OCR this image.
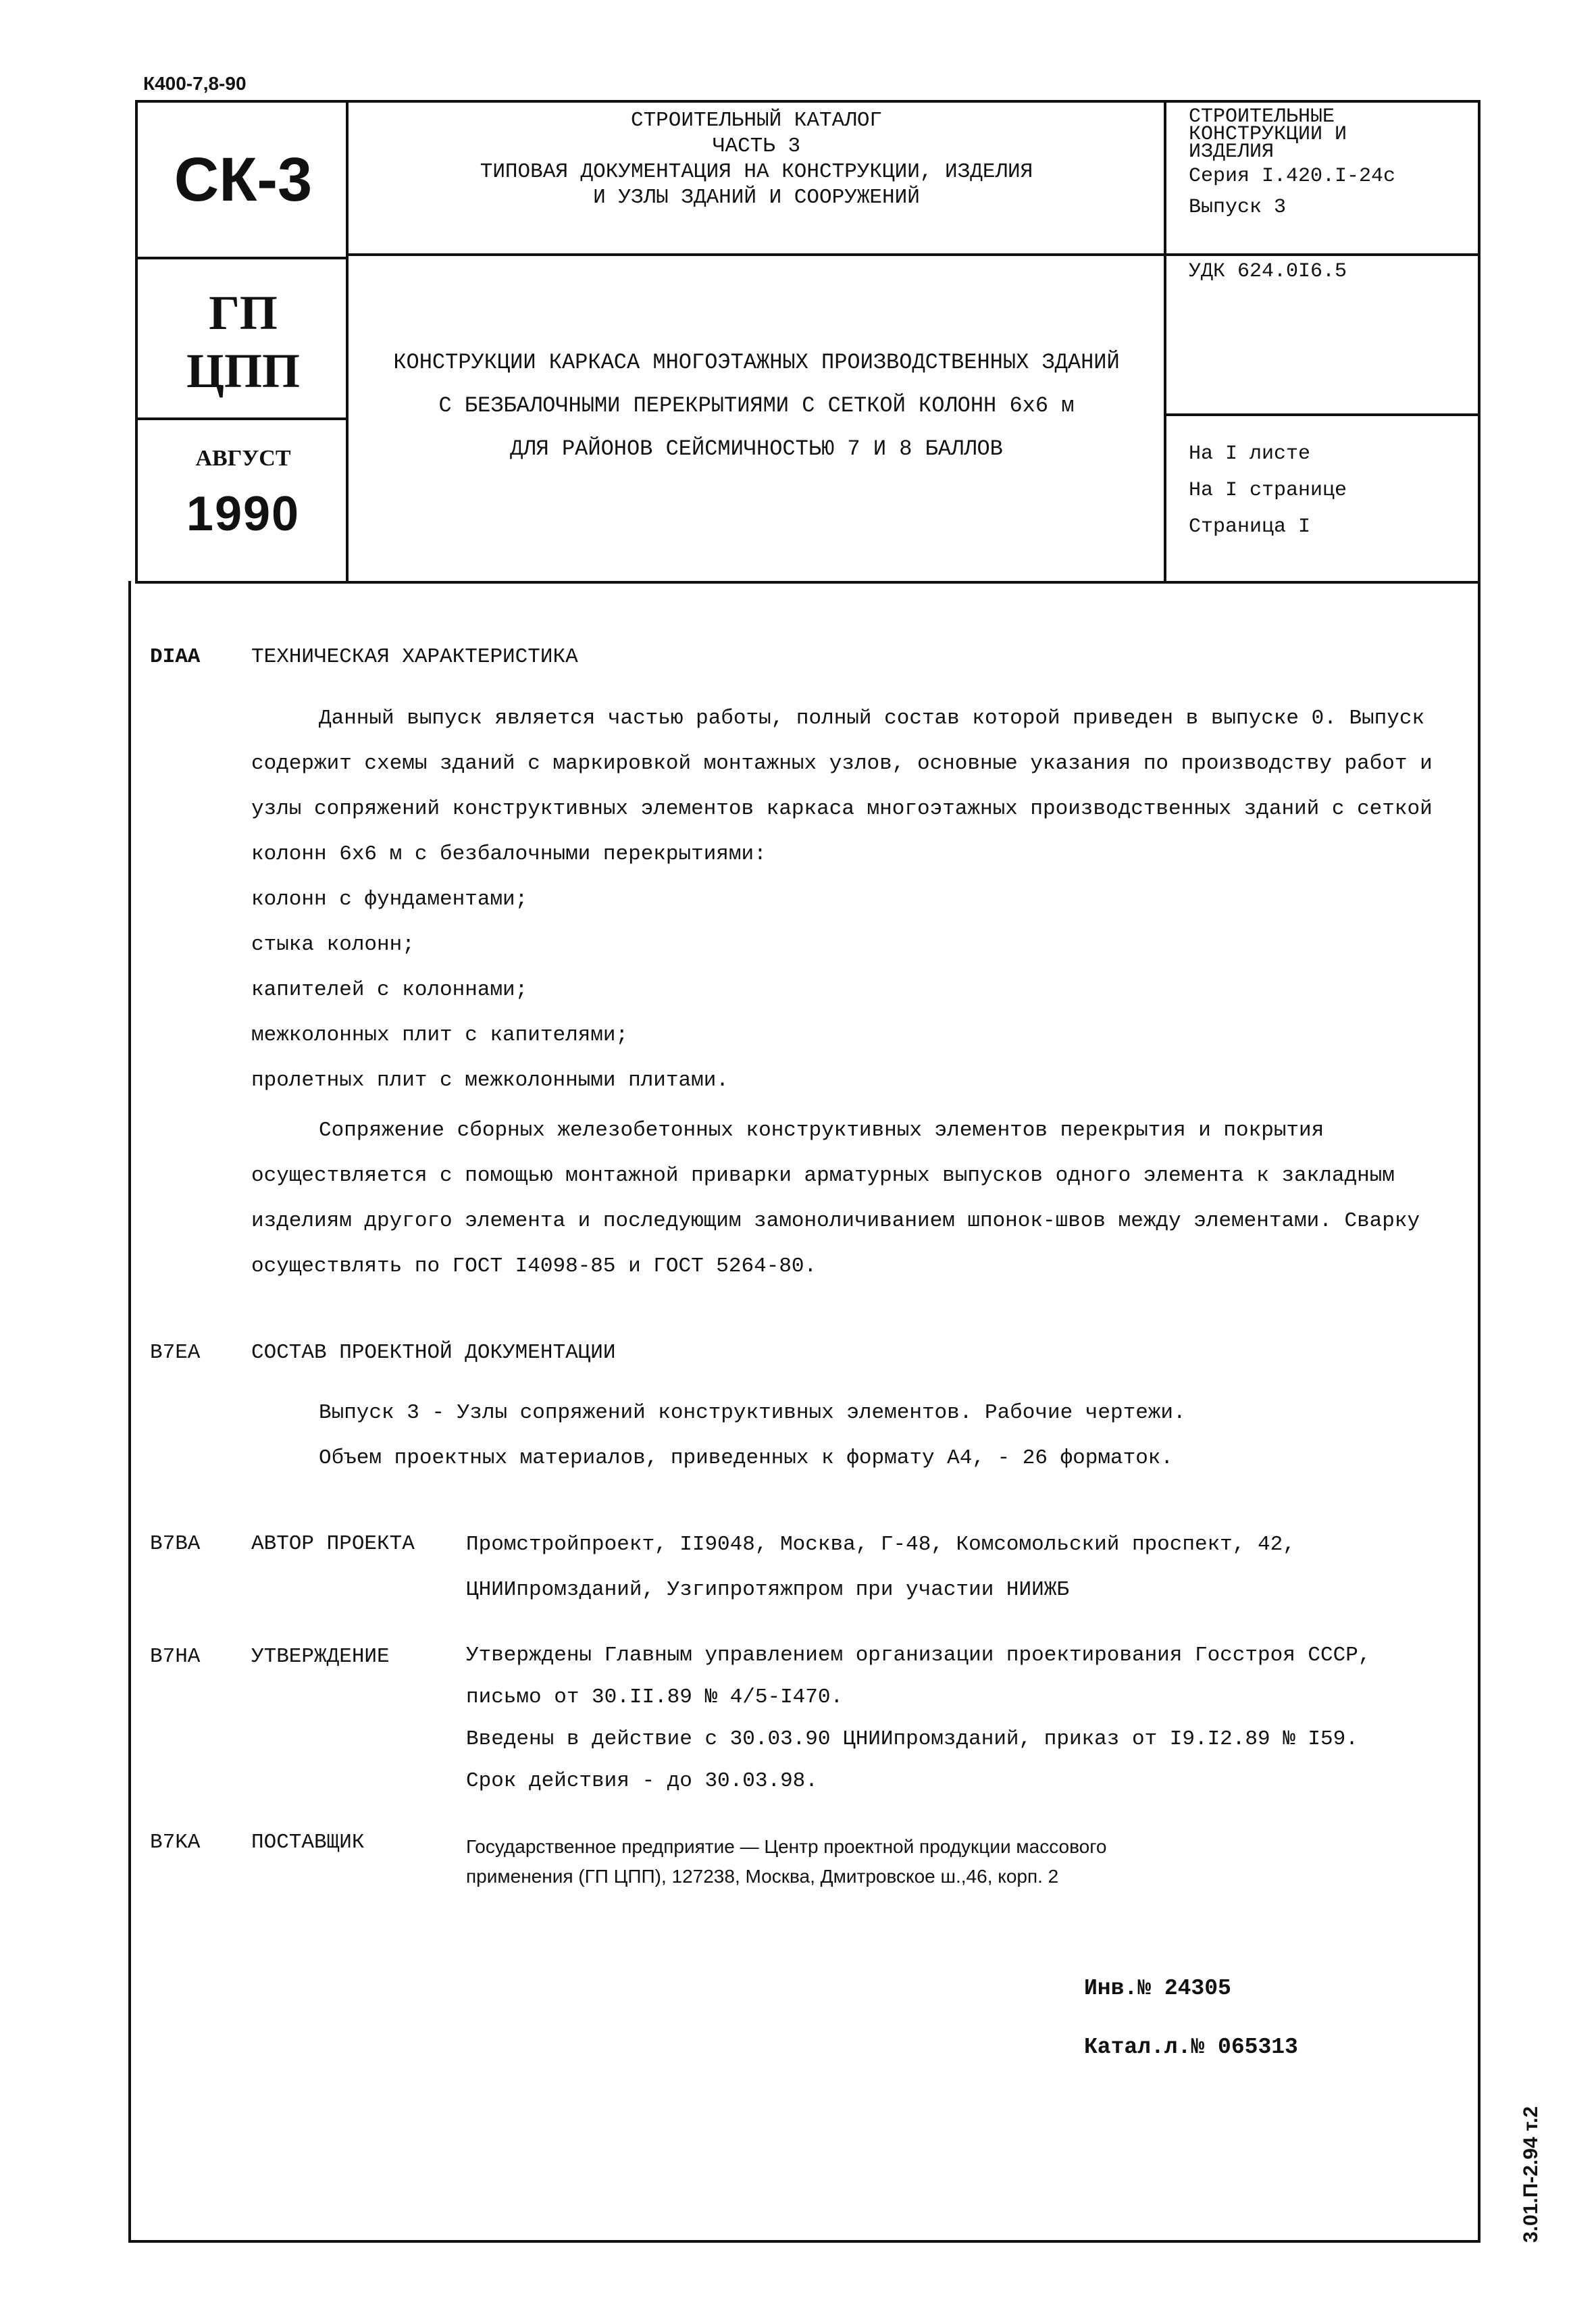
К400-7,8-90
СК-3
ГП
ЦПП
АВГУСТ
1990
СТРОИТЕЛЬНЫЙ КАТАЛОГ
ЧАСТЬ 3
ТИПОВАЯ ДОКУМЕНТАЦИЯ НА КОНСТРУКЦИИ, ИЗДЕЛИЯ
И УЗЛЫ ЗДАНИЙ И СООРУЖЕНИЙ
КОНСТРУКЦИИ КАРКАСА МНОГОЭТАЖНЫХ ПРОИЗВОДСТВЕННЫХ ЗДАНИЙ
С БЕЗБАЛОЧНЫМИ ПЕРЕКРЫТИЯМИ С СЕТКОЙ КОЛОНН 6х6 м
ДЛЯ РАЙОНОВ СЕЙСМИЧНОСТЬЮ 7 И 8 БАЛЛОВ
СТРОИТЕЛЬНЫЕ
КОНСТРУКЦИИ И
ИЗДЕЛИЯ
Серия I.420.I-24с
Выпуск 3
УДК 624.0I6.5
На I листе
На I странице
Страница I
DIAA ТЕХНИЧЕСКАЯ ХАРАКТЕРИСТИКА
Данный выпуск является частью работы, полный состав которой приведен в выпуске 0. Выпуск содержит схемы зданий с маркировкой монтажных узлов, основные указания по производству работ и узлы сопряжений конструктивных элементов каркаса многоэтажных производственных зданий с сеткой колонн 6х6 м с безбалочными перекрытиями:
колонн с фундаментами;
стыка колонн;
капителей с колоннами;
межколонных плит с капителями;
пролетных плит с межколонными плитами.
Сопряжение сборных железобетонных конструктивных элементов перекрытия и покрытия осуществляется с помощью монтажной приварки арматурных выпусков одного элемента к закладным изделиям другого элемента и последующим замоноличиванием шпонок-швов между элементами. Сварку осуществлять по ГОСТ I4098-85 и ГОСТ 5264-80.
B7EA СОСТАВ ПРОЕКТНОЙ ДОКУМЕНТАЦИИ
Выпуск 3 - Узлы сопряжений конструктивных элементов. Рабочие чертежи.
Объем проектных материалов, приведенных к формату А4, - 26 форматок.
B7BA АВТОР ПРОЕКТА Промстройпроект, II9048, Москва, Г-48, Комсомольский проспект, 42,
ЦНИИпромзданий, Узгипротяжпром при участии НИИЖБ
B7HA УТВЕРЖДЕНИЕ	Утверждены Главным управлением организации проектирования Госстроя СССР,
письмо от 30.II.89 № 4/5-I470.
Введены в действие с 30.03.90 ЦНИИпромзданий, приказ от I9.I2.89 № I59.
Срок действия - до 30.03.98.
B7KA ПОСТАВЩИК	Государственное предприятие — Центр проектной продукции массового
применения (ГП ЦПП), 127238, Москва, Дмитровское ш.,46, корп. 2
Инв.№ 24305
Катал.л.№ 065313
3.01.П-2.94 т.2
